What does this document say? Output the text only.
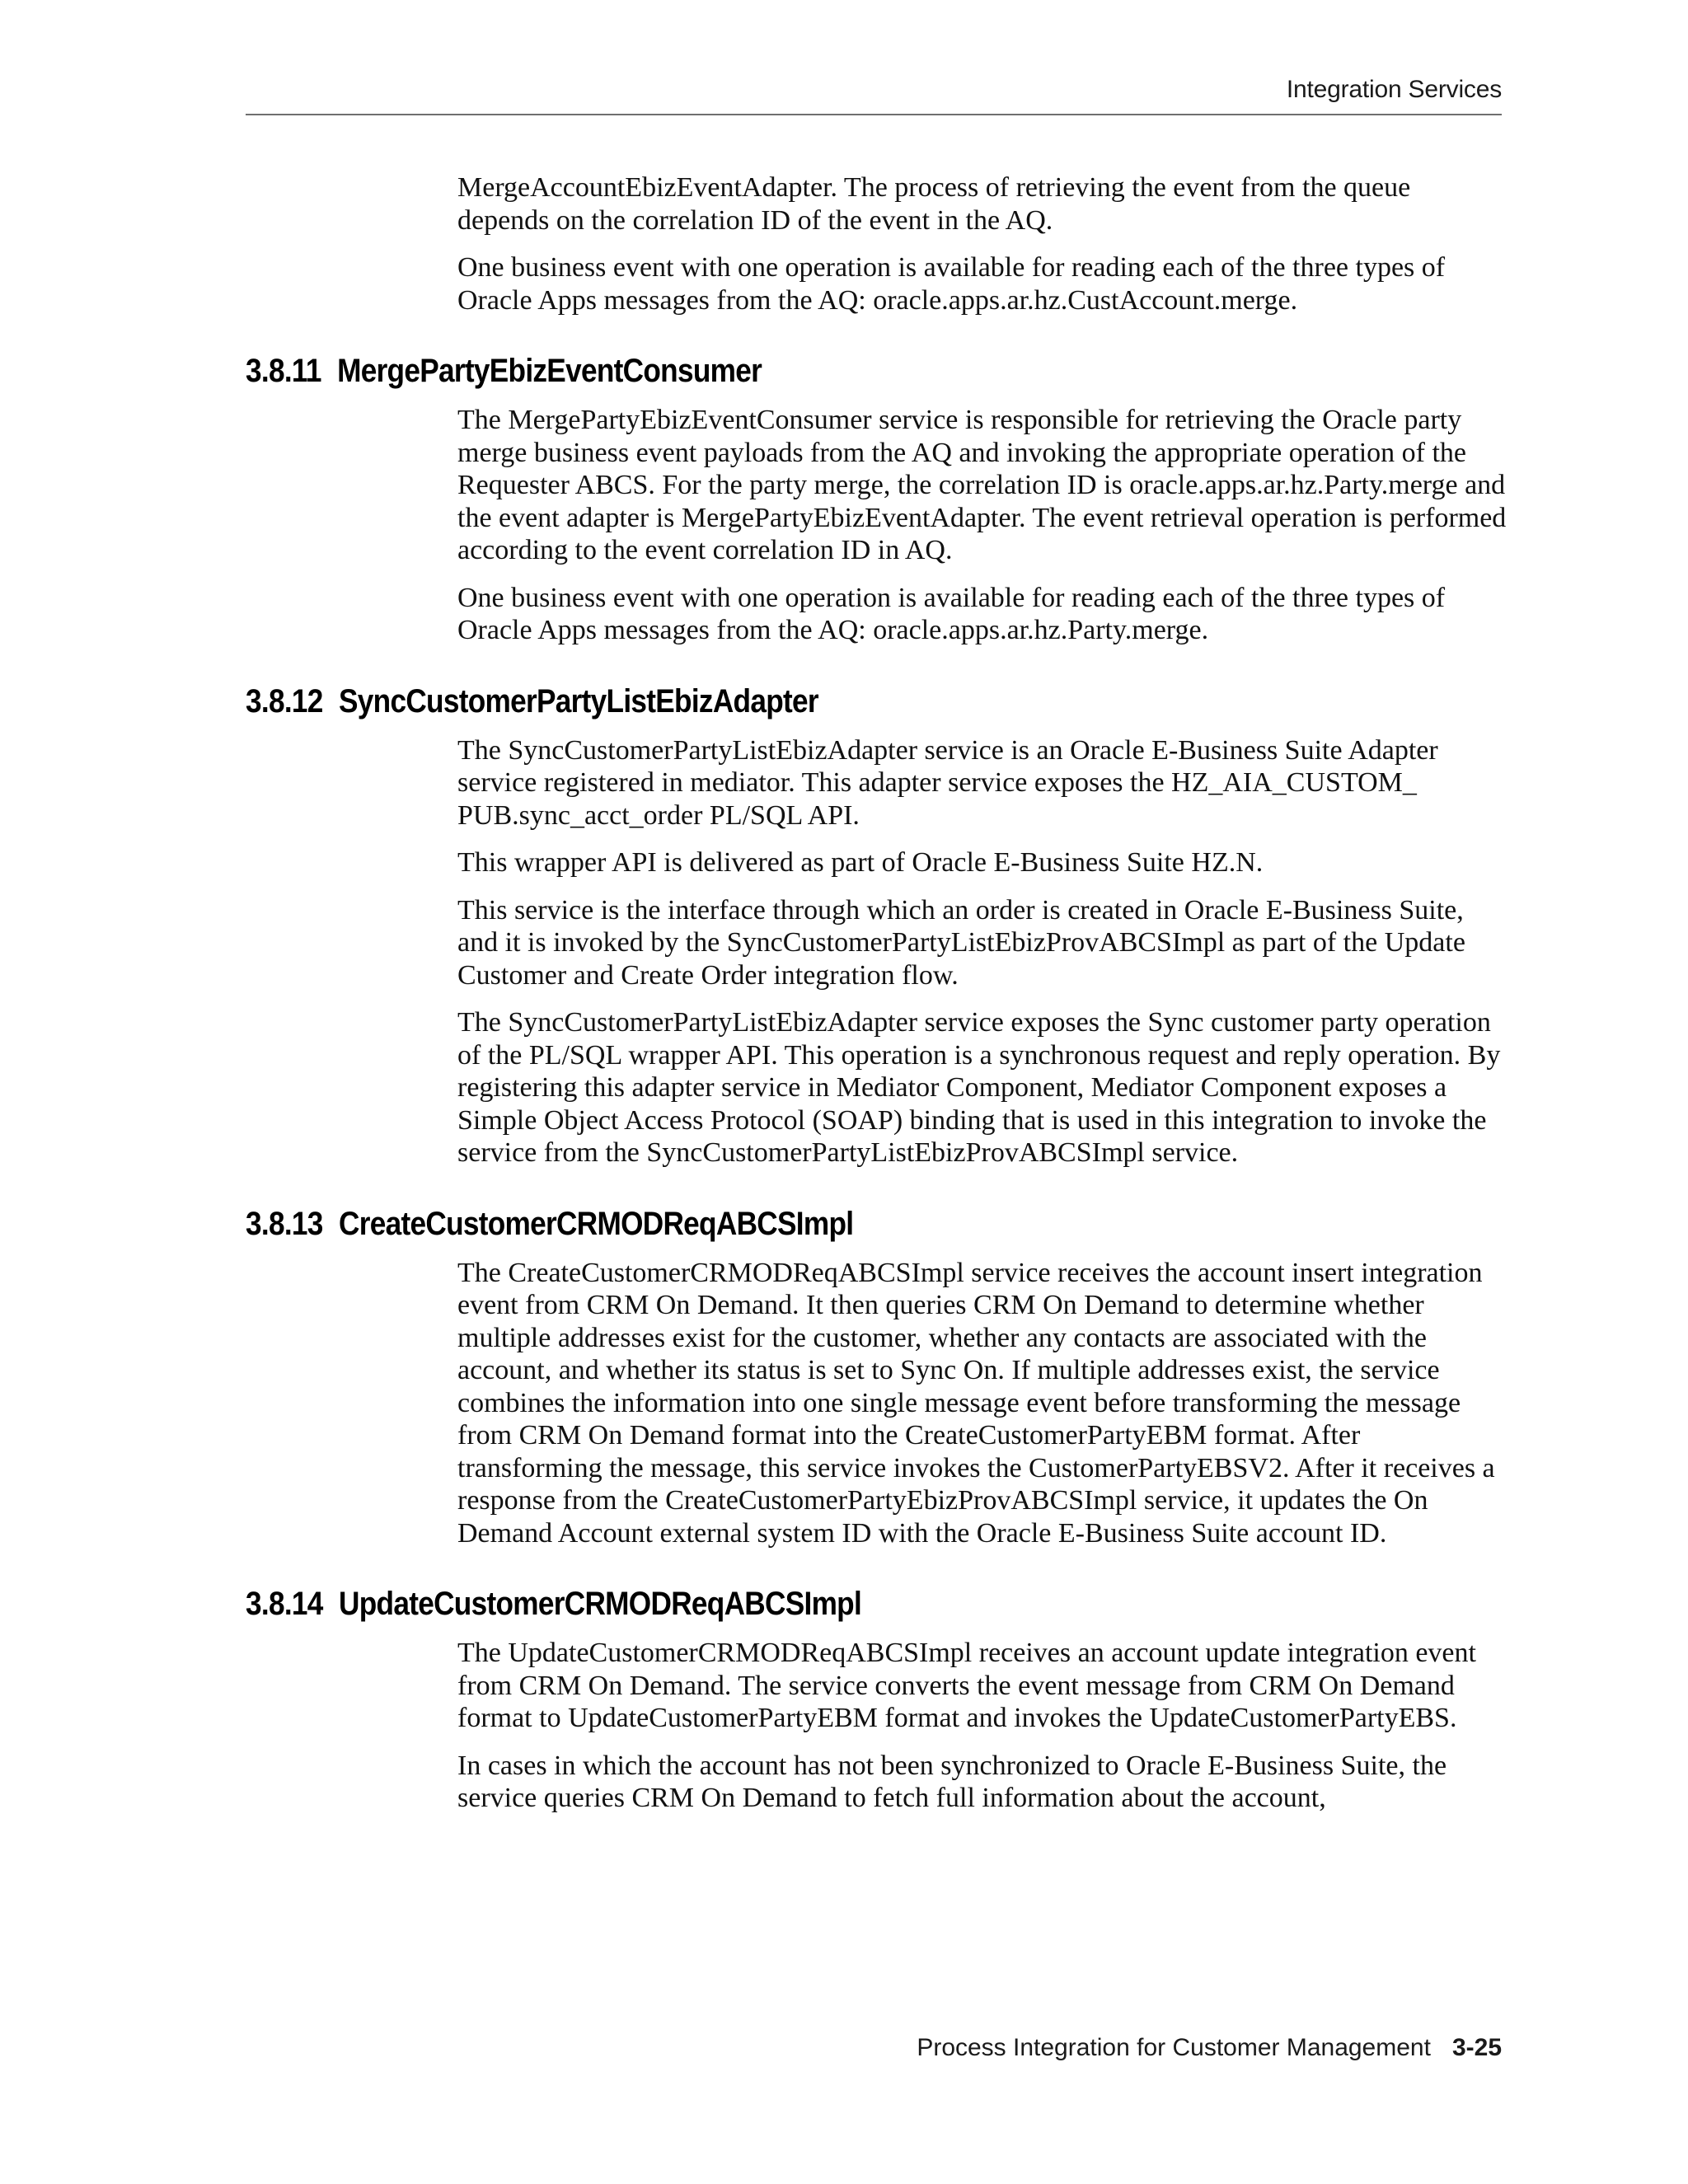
Integration Services

MergeAccountEbizEventAdapter. The process of retrieving the event from the queue depends on the correlation ID of the event in the AQ.

One business event with one operation is available for reading each of the three types of Oracle Apps messages from the AQ: oracle.apps.ar.hz.CustAccount.merge.

3.8.11 MergePartyEbizEventConsumer

The MergePartyEbizEventConsumer service is responsible for retrieving the Oracle party merge business event payloads from the AQ and invoking the appropriate operation of the Requester ABCS. For the party merge, the correlation ID is oracle.apps.ar.hz.Party.merge and the event adapter is MergePartyEbizEventAdapter. The event retrieval operation is performed according to the event correlation ID in AQ.

One business event with one operation is available for reading each of the three types of Oracle Apps messages from the AQ: oracle.apps.ar.hz.Party.merge.

3.8.12 SyncCustomerPartyListEbizAdapter

The SyncCustomerPartyListEbizAdapter service is an Oracle E-Business Suite Adapter service registered in mediator. This adapter service exposes the HZ_AIA_CUSTOM_ PUB.sync_acct_order PL/SQL API.

This wrapper API is delivered as part of Oracle E-Business Suite HZ.N.

This service is the interface through which an order is created in Oracle E-Business Suite, and it is invoked by the SyncCustomerPartyListEbizProvABCSImpl as part of the Update Customer and Create Order integration flow.

The SyncCustomerPartyListEbizAdapter service exposes the Sync customer party operation of the PL/SQL wrapper API. This operation is a synchronous request and reply operation. By registering this adapter service in Mediator Component, Mediator Component exposes a Simple Object Access Protocol (SOAP) binding that is used in this integration to invoke the service from the SyncCustomerPartyListEbizProvABCSImpl service.

3.8.13 CreateCustomerCRMODReqABCSImpl

The CreateCustomerCRMODReqABCSImpl service receives the account insert integration event from CRM On Demand. It then queries CRM On Demand to determine whether multiple addresses exist for the customer, whether any contacts are associated with the account, and whether its status is set to Sync On. If multiple addresses exist, the service combines the information into one single message event before transforming the message from CRM On Demand format into the CreateCustomerPartyEBM format. After transforming the message, this service invokes the CustomerPartyEBSV2. After it receives a response from the CreateCustomerPartyEbizProvABCSImpl service, it updates the On Demand Account external system ID with the Oracle E-Business Suite account ID.

3.8.14 UpdateCustomerCRMODReqABCSImpl

The UpdateCustomerCRMODReqABCSImpl receives an account update integration event from CRM On Demand. The service converts the event message from CRM On Demand format to UpdateCustomerPartyEBM format and invokes the UpdateCustomerPartyEBS.

In cases in which the account has not been synchronized to Oracle E-Business Suite, the service queries CRM On Demand to fetch full information about the account,

Process Integration for Customer Management 3-25
